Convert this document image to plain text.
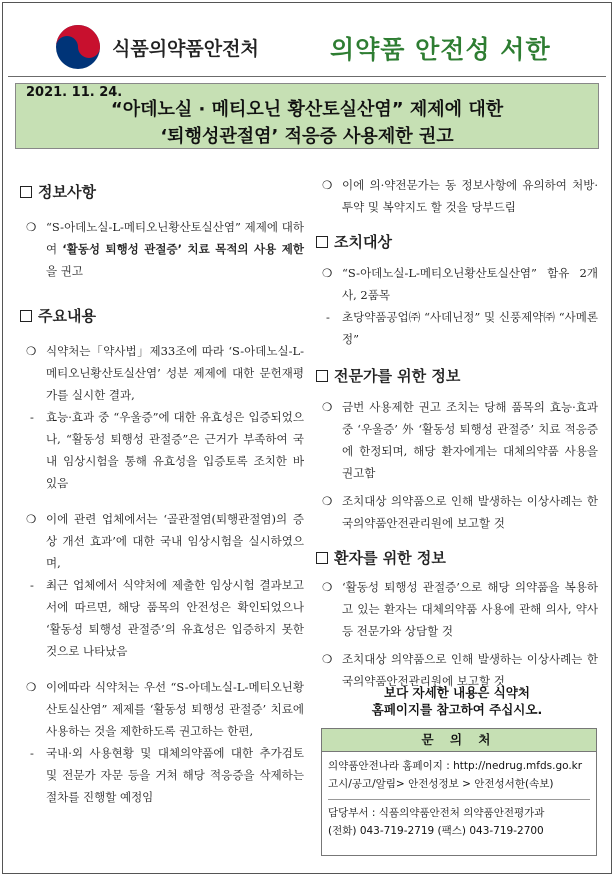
식품의약품안전처	의약품 안전성 서한
2021. 11. 24.
“아데노실 · 메티오닌 황산토실산염” 제제에 대한
‘퇴행성관절염’ 적응증 사용제한 권고
정보사항
❍ “S-아데노실-L-메티오닌황산토실산염” 제제에 대하여 ‘활동성 퇴행성 관절증’ 치료 목적의 사용 제한을 권고
주요내용
❍ 식약처는「약사법」제33조에 따라 ‘S-아데노실-L-메티오닌황산토실산염’ 성분 제제에 대한 문헌재평가를 실시한 결과,
- 효능·효과 중 “우울증”에 대한 유효성은 입증되었으나, “활동성 퇴행성 관절증”은 근거가 부족하여 국내 임상시험을 통해 유효성을 입증토록 조치한 바 있음
❍ 이에 관련 업체에서는 ‘골관절염(퇴행관절염)의 증상 개선 효과’에 대한 국내 임상시험을 실시하였으며,
- 최근 업체에서 식약처에 제출한 임상시험 결과보고서에 따르면, 해당 품목의 안전성은 확인되었으나 ‘활동성 퇴행성 관절증’의 유효성은 입증하지 못한 것으로 나타났음
❍ 이에따라 식약처는 우선 “S-아데노실-L-메티오닌황산토실산염” 제제를 ‘활동성 퇴행성 관절증’ 치료에 사용하는 것을 제한하도록 권고하는 한편,
- 국내·외 사용현황 및 대체의약품에 대한 추가검토 및 전문가 자문 등을 거쳐 해당 적응증을 삭제하는 절차를 진행할 예정임
❍ 이에 의·약전문가는 동 정보사항에 유의하여 처방·투약 및 복약지도 할 것을 당부드림
조치대상
❍ “S-아데노실-L-메티오닌황산토실산염” 함유 2개사, 2품목
- 초당약품공업㈜ “사데닌정” 및 신풍제약㈜ “사메론정”
전문가를 위한 정보
❍ 금번 사용제한 권고 조치는 당해 품목의 효능·효과 중 ‘우울증’ 外 ‘활동성 퇴행성 관절증’ 치료 적응증에 한정되며, 해당 환자에게는 대체의약품 사용을 권고함
❍ 조치대상 의약품으로 인해 발생하는 이상사례는 한국의약품안전관리원에 보고할 것
환자를 위한 정보
❍ ‘활동성 퇴행성 관절증’으로 해당 의약품을 복용하고 있는 환자는 대체의약품 사용에 관해 의사, 약사 등 전문가와 상담할 것
❍ 조치대상 의약품으로 인해 발생하는 이상사례는 한국의약품안전관리원에 보고할 것
보다 자세한 내용은 식약처
홈페이지를 참고하여 주십시오.
문 의 처
의약품안전나라 홈페이지 : http://nedrug.mfds.go.kr
고시/공고/알림> 안전성정보 > 안전성서한(속보)
담당부서 : 식품의약품안전처 의약품안전평가과
(전화) 043-719-2719 (팩스) 043-719-2700
